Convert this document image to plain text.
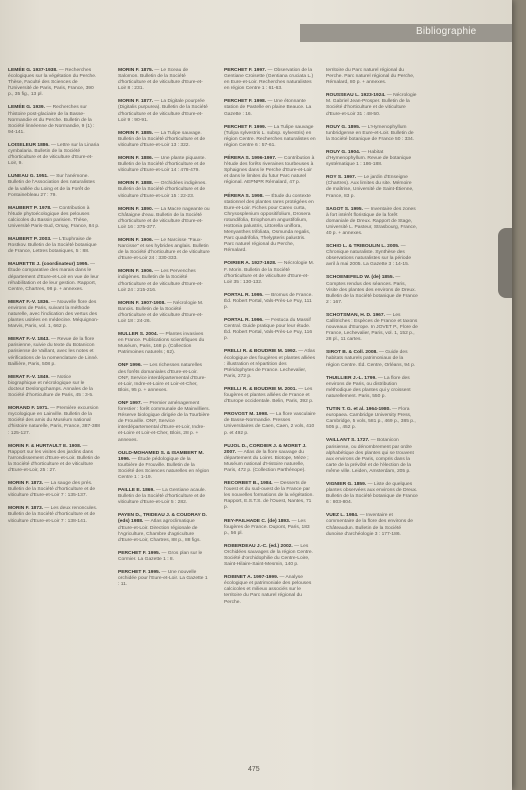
Bibliographie
LEMÉE G. 1937-1938. — Recherches écologiques sur la végétation du Perche. Thèse, Faculté des Sciences de l'Université de Paris, Paris, France, 390 p., 35 fig., 13 pl.
LEMÉE G. 1939. — Recherches sur l'histoire post-glaciaire de la Basse-Normandie et du Perche. Bulletin de la Société linnéenne de Normandie, 9 (1) : 94-141.
LOISELEUR 1886. — Lettre sur la Linaria cymbalaria. Bulletin de la Société d'horticulture et de viticulture d'Eure-et-Loir, 9.
LUNEAU G. 1951. — Sur l'anémone. Bulletin de l'Association des naturalistes de la vallée du Loing et de la Forêt de Fontainebleau 27 : 79.
MAUBERT P. 1978. — Contribution à l'étude phytoécologique des pelouses calcicoles du Bassin parisien. Thèse, Université Paris-Sud, Orsay, France, 84 p.
MAUBERT P. 2003. — L'Euphraise de Rostkov. Bulletin de la Société botanique de France, Lettres botaniques, 5 : 88.
MAURETTE J. (coordinateur) 1995. — Étude comparative des marais dans le département d'Eure-et-Loir en vue de leur réhabilitation et de leur gestion. Rapport, Centre, Chartres, 98 p. + annexes.
MERAT F.-V. 1836. — Nouvelle flore des environs de Paris, suivant la méthode naturelle, avec l'indication des vertus des plantes usitées en médecine. Méquignon-Marvis, Paris, vol. 1, 662 p.
MERAT F.-V. 1843. — Revue de la flore parisienne, suivie du texte du Botanicon parisiense de Vaillant, avec les notes et vérifications de la nomenclature de Linné. Baillière, Paris, 508 p.
MERAT F.-V. 1849. — Notice biographique et nécrologique sur le docteur Deslongchamps. Annales de la Société d'horticulture de Paris, 45 : 3-5.
MORAND F. 1971. — Première excursion mycologique en Lainville. Bulletin de la Société des amis du Muséum national d'histoire naturelle, Paris, France, 387-388 : 125-127.
MORIN F. & HURTAULT E. 1908. — Rapport sur les visites des jardins dans l'arrondissement d'Eure-et-Loir. Bulletin de la Société d'horticulture et de viticulture d'Eure-et-Loir, 25 : 27.
MORIN F. 1873. — La sauge des prés. Bulletin de la Société d'horticulture et de viticulture d'Eure-et-Loir 7 : 135-137.
MORIN F. 1873. — Les deux renoncules. Bulletin de la Société d'horticulture et de viticulture d'Eure-et-Loir 7 : 138-141.
MORIN F. 1875. — Le Sceau de Salomon. Bulletin de la Société d'horticulture et de viticulture d'Eure-et-Loir 8 : 231.
MORIN F. 1877. — La Digitale pourprée (Digitalis purpurea). Bulletin de la Société d'horticulture et de viticulture d'Eure-et-Loir 9 : 90-91.
MORIN F. 1885. — La Tulipe sauvage. Bulletin de la Société d'horticulture et de viticulture d'Eure-et-Loir 13 : 322.
MORIN F. 1886. — Une plante piquante. Bulletin de la Société d'horticulture et de viticulture d'Eure-et-Loir 14 : 478-479.
MORIN F. 1888. — Orchidées indigènes. Bulletin de la Société d'horticulture et de viticulture d'Eure-et-Loir 15 : 22-23.
MORIN F. 1890. — La Macre nageante ou Châtaigne d'eau. Bulletin de la Société d'horticulture et de viticulture d'Eure-et-Loir 16 : 375-377.
MORIN F. 1906. — Le Narcisse "Faux-Narcisse" et ses hybrides anglais. Bulletin de la Société d'horticulture et de viticulture d'Eure-et-Loir 24 : 330-333.
MORIN F. 1906. — Les Pervenches indigènes. Bulletin de la Société d'horticulture et de viticulture d'Eure-et-Loir 24 : 215-216.
MORIN F. 1907-1908. — Nécrologie M. Banois. Bulletin de la Société d'horticulture et de viticulture d'Eure-et-Loir 18 : 24-26.
MULLER S. 2004. — Plantes invasives en France. Publications scientifiques du Muséum, Paris, 168 p. (Collection Patrimoines naturels ; 62).
ONF 1996. — Les richesses naturelles des forêts domaniales d'Eure-et-Loir. ONF, Service interdépartemental d'Eure-et-Loir, Indre-et-Loire et Loir-et-Cher, Blois, 95 p. + annexes.
ONF 1997. — Premier aménagement forestier : forêt communale de Mainvilliers. Réserve biologique dirigée de la Tourbière de Frouville. ONF, Service interdépartemental d'Eure-et-Loir, Indre-et-Loire et Loir-et-Cher, Blois, 28 p. + annexes.
OULD-MOHAMED S. & ISAMBERT M. 1996. — Étude pédologique de la tourbière de Frouville. Bulletin de la Société des Sciences naturelles en région Centre 1 : 1-19.
PAILLE E. 1869. — La Gentiane acaule. Bulletin de la Société d'horticulture et de viticulture d'Eure-et-Loir 5 : 282.
PAYEN D., TRIDEAU J. & COUDRAY D. (eds) 1988. — Atlas agroclimatique d'Eure-et-Loir. Direction régionale de l'Agriculture, Chambre d'agriculture d'Eure-et-Loir, Chartres, 88 p., 88 figs.
PERCHET F. 1995. — Gros plan sur le Cormier. La Gazette 1 : 8.
PERCHET F. 1995. — Une nouvelle orchidée pour l'Eure-et-Loir. La Gazette 1 : 11.
PERCHET F. 1997. — Observation de la Gentiane Croisette (Gentiana cruciata L.) en Eure-et-Loir. Recherches naturalistes en région Centre 1 : 61-63.
PERCHET F. 1998. — Une étonnante station de Pastelle en plaine Beauce. La Gazette : 16.
PERCHET F. 1999. — La Tulipe sauvage (Tulipa sylvestris L. subsp. sylvestris) en région Centre. Recherches naturalistes en région Centre 6 : 57-61.
PÉRERA S. 1996-1997. — Contribution à l'étude des forêts riveraines tourbeuses à Sphaignes dans le Perche d'Eure-et-Loir et dans le limites du futur Parc naturel régional. AEPNPR Rémalard, 47 p.
PÉRERA S. 1998. — Étude du contexte stationnel des plantes rares protégées en Eure-et-Loir. Fiches pour Carex curta, Chrysosplenium oppositifolium, Drosera rotundifolia, Eriophorum angustifolium, Hottonia palustris, Littorella uniflora, Menyanthes trifoliata, Osmunda regalis, Parc quadrifolia, Thelypteris palustris. Parc naturel régional du Perche, Rémalard.
POIRIER A. 1927-1928. — Nécrologie M. F. Morin. Bulletin de la Société d'horticulture et de viticulture d'Eure-et-Loir 35 : 130-132.
PORTAL R. 1995. — Bromus de France. Éd. Robert Portal, Vals-Près-Le Puy, 111 p.
PORTAL R. 1996. — Festuca du Massif Central. Guide pratique pour leur étude. Éd. Robert Portal, Vals-Près-Le Puy, 116 p.
PRELLI R. & BOUDRIE M. 1992. — Atlas écologique des fougères et plantes alliées : illustration et répartition des Ptéridophytes de France. Lechevalier, Paris, 272 p.
PRELLI R. & BOUDRIE M. 2001. — Les fougères et plantes alliées de France et d'Europe occidentale. Belin, Paris, 392 p.
PROVOST M. 1998. — La flore vasculaire de Basse-Normandie. Presses Universitaires de Caen, Caen, 2 vols, 410 p. et 492 p.
PUJOL D., CORDIER J. & MORET J. 2007. — Atlas de la flore sauvage du département du Loiret. Biotope, Mèze ; Muséum national d'Histoire naturelle, Paris, 472 p. (Collection Parthénope).
RECORBET B., 1984. — Desserts de l'ouest et du sud-ouest de la France par les nouvelles formations de la végétation. Rapport, E.S.T.S. de l'Ouest, Nantes, 71 p.
REY-PAILHADE C. (de) 1893. — Les fougères de France. Dupont, Paris, 183 p., 56 pl.
ROBERDEAU J.-C. (ed.) 2002. — Les Orchidées sauvages de la région Centre. Société d'orchidophilie du Centre-Loire, Saint-Hilaire-Saint-Mesmin, 140 p.
ROBINET A. 1997-1999. — Analyse écologique et patrimoniale des pelouses calcicoles et milieux associés sur le territoire du Parc naturel régional du Perche.
territoire du Parc naturel régional du Perche. Parc naturel régional du Perche, Rémalard, 80 p. + annexes.
ROUSSEAU L. 1923-1924. — Nécrologie M. Gabriel Jean-Prosper. Bulletin de la Société d'horticulture et de viticulture d'Eure-et-Loir 31 : 48-50.
ROUY G. 1895. — L'Hymenophyllum tunbridgense en Eure-et-Loir. Bulletin de la Société botanique de France 50 : 334.
ROUY G. 1904. — Habitat d'Hymenophyllum. Revue de botanique systématique 1 : 186-188.
ROY S. 1997. — Le jardin d'Enseigne (Chartres). Aux limites du site. Mémoire de maîtrise, Université de Saint-Étienne, France, 83 p.
SAGOT S. 1995. — Inventaire des zones à fort intérêt floristique de la forêt domaniale de Dreux. Rapport de Stage, Université L. Pasteur, Strasbourg, France, 40 p. + annexes.
SCHIO L. & TRIBOULIN L. 2005. — Chronique naturaliste. Synthèse des observations naturalistes sur la période avril à mai 2005. La Gazette 3 : 14-15.
SCHOENEFELD W. (de) 1855. — Comptes rendus des séances. Paris, Visite des plantes des environs de Dreux. Bulletin de la Société botanique de France 2 : 167.
SCHOTSMAN, H. D. 1967. — Les Callitriches : Espèces de France et taxons nouveaux d'Europe. In JOVET P., Flore de France, Lechevalier, Paris, vol. 1, 152 p., 28 pl., 11 cartes.
SIROT B. & Coll. 2008. — Guide des habitats naturels patrimoniaux de la région Centre. Éd. Centre, Orléans, 94 p.
THUILLIER J.-L. 1799. — La flore des environs de Paris, ou distribution méthodique des plantes qui y croissent naturellement. Paris, 550 p.
TUTIN T. G. et al. 1964-1980. — Flora europaea. Cambridge University Press, Cambridge, 5 vols, 581 p., 469 p., 385 p., 505 p., 452 p.
VAILLANT S. 1727. — Botanicon parisiense, ou dénombrement par ordre alphabétique des plantes qui se trouvent aux environs de Paris, compris dans la carte de la prévôté et de l'élection de la même ville. Leiden, Amsterdam, 205 p.
VIGNIER G. 1859. — Liste de quelques plantes observées aux environs de Dreux. Bulletin de la Société botanique de France 6 : 803-804.
VUEZ L. 1984. — Inventaire et commentaire de la flore des environs de Châteaudun. Bulletin de la Société dunoise d'archéologie 3 : 177-186.
475
